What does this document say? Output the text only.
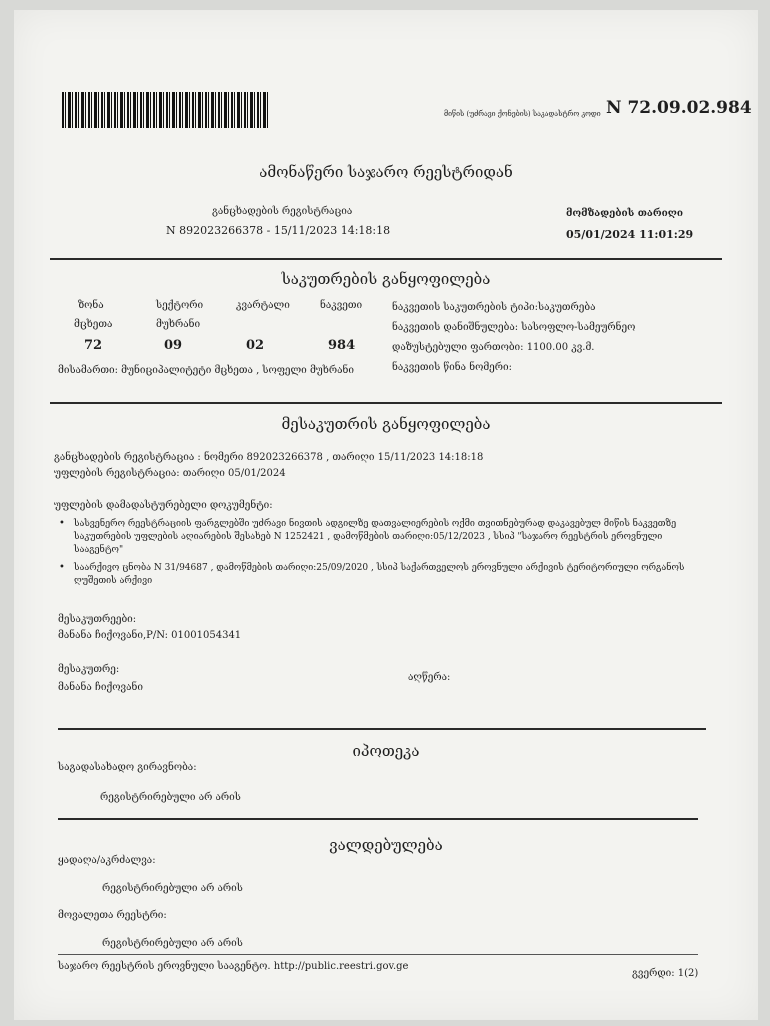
მიწის (უძრავი ქონების) საკადასტრო კოდი N 72.09.02.984
ამონაწერი საჯარო რეესტრიდან
განცხადების რეგისტრაცია
N 892023266378 - 15/11/2023 14:18:18
მომზადების თარიღი
05/01/2024 11:01:29
საკუთრების განყოფილება
ზონა	სექტორი	კვარტალი	ნაკვეთი
მცხეთა	მუხრანი
72	09	02	984
მისამართი: მუნიციპალიტეტი მცხეთა , სოფელი მუხრანი
ნაკვეთის საკუთრების ტიპი:საკუთრება
ნაკვეთის დანიშნულება: სასოფლო-სამეურნეო
დაზუსტებული ფართობი: 1100.00 კვ.მ.
ნაკვეთის წინა ნომერი:
მესაკუთრის განყოფილება
განცხადების რეგისტრაცია : ნომერი 892023266378 , თარიღი 15/11/2023 14:18:18
უფლების რეგისტრაცია: თარიღი 05/01/2024
უფლების დამადასტურებელი დოკუმენტი:
• სასვენერო რეესტრაციის ფარგლებში უძრავი ნივთის ადგილზე დათვალიერების ოქმი თვითნებურად დაკავებულ მიწის ნაკვეთზე საკუთრების უფლების აღიარების შესახებ N 1252421 , დამოწმების თარიღი:05/12/2023 , სსიპ "საჯარო რეესტრის ეროვნული სააგენტო"
საარქივო ცნობა N 31/94687 , დამოწმების თარიღი:25/09/2020 , სსიპ საქართველოს ეროვნული არქივის ტერიტორიული ორგანოს ღუშეთის არქივი
•
მესაკუთრეები:
მანანა ჩიქოვანი,P/N: 01001054341
მესაკუთრე:
მანანა ჩიქოვანი
აღწერა:
იპოთეკა
საგადასახადო გირავნობა:
რეგისტრირებული არ არის
ვალდებულება
ყადაღა/აკრძალვა:
რეგისტრირებული არ არის
მოვალეთა რეესტრი:
რეგისტრირებული არ არის
საჯარო რეესტრის ეროვნული სააგენტო. http://public.reestri.gov.ge
გვერდი: 1(2)
